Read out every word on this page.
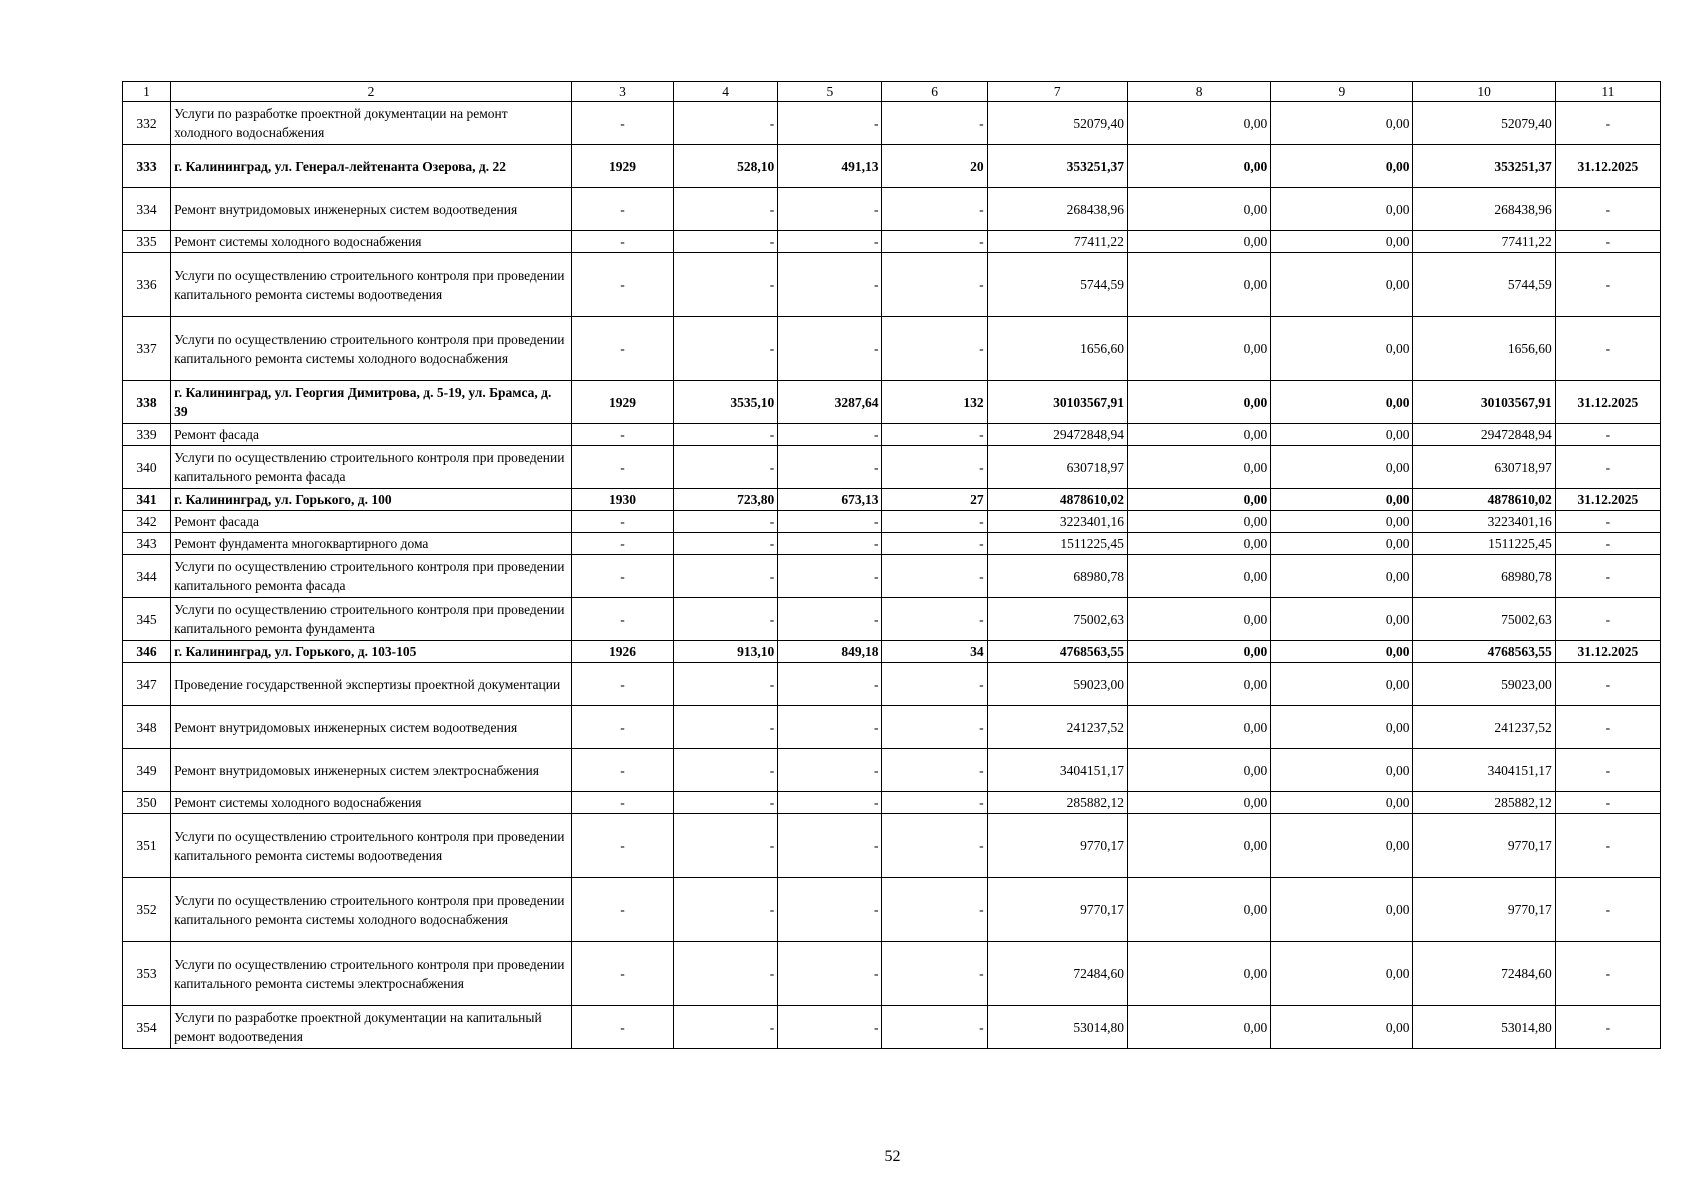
1	2	3	4	5	6	7	8	9	10	11
332	Услуги по разработке проектной документации на ремонт холодного водоснабжения	-	-	-	-	52079,40	0,00	0,00	52079,40	-
333	г. Калининград, ул. Генерал-лейтенанта Озерова, д. 22	1929	528,10	491,13	20	353251,37	0,00	0,00	353251,37	31.12.2025
334	Ремонт внутридомовых инженерных систем водоотведения	-	-	-	-	268438,96	0,00	0,00	268438,96	-
335	Ремонт системы холодного водоснабжения	-	-	-	-	77411,22	0,00	0,00	77411,22	-
336	Услуги по осуществлению строительного контроля при проведении капитального ремонта системы водоотведения	-	-	-	-	5744,59	0,00	0,00	5744,59	-
337	Услуги по осуществлению строительного контроля при проведении капитального ремонта системы холодного водоснабжения	-	-	-	-	1656,60	0,00	0,00	1656,60	-
338	г. Калининград, ул. Георгия Димитрова, д. 5-19, ул. Брамса, д. 39	1929	3535,10	3287,64	132	30103567,91	0,00	0,00	30103567,91	31.12.2025
339	Ремонт фасада	-	-	-	-	29472848,94	0,00	0,00	29472848,94	-
340	Услуги по осуществлению строительного контроля при проведении капитального ремонта фасада	-	-	-	-	630718,97	0,00	0,00	630718,97	-
341	г. Калининград, ул. Горького, д. 100	1930	723,80	673,13	27	4878610,02	0,00	0,00	4878610,02	31.12.2025
342	Ремонт фасада	-	-	-	-	3223401,16	0,00	0,00	3223401,16	-
343	Ремонт фундамента многоквартирного дома	-	-	-	-	1511225,45	0,00	0,00	1511225,45	-
344	Услуги по осуществлению строительного контроля при проведении капитального ремонта фасада	-	-	-	-	68980,78	0,00	0,00	68980,78	-
345	Услуги по осуществлению строительного контроля при проведении капитального ремонта фундамента	-	-	-	-	75002,63	0,00	0,00	75002,63	-
346	г. Калининград, ул. Горького, д. 103-105	1926	913,10	849,18	34	4768563,55	0,00	0,00	4768563,55	31.12.2025
347	Проведение государственной экспертизы проектной документации	-	-	-	-	59023,00	0,00	0,00	59023,00	-
348	Ремонт внутридомовых инженерных систем водоотведения	-	-	-	-	241237,52	0,00	0,00	241237,52	-
349	Ремонт внутридомовых инженерных систем электроснабжения	-	-	-	-	3404151,17	0,00	0,00	3404151,17	-
350	Ремонт системы холодного водоснабжения	-	-	-	-	285882,12	0,00	0,00	285882,12	-
351	Услуги по осуществлению строительного контроля при проведении капитального ремонта системы водоотведения	-	-	-	-	9770,17	0,00	0,00	9770,17	-
352	Услуги по осуществлению строительного контроля при проведении капитального ремонта системы холодного водоснабжения	-	-	-	-	9770,17	0,00	0,00	9770,17	-
353	Услуги по осуществлению строительного контроля при проведении капитального ремонта системы электроснабжения	-	-	-	-	72484,60	0,00	0,00	72484,60	-
354	Услуги по разработке проектной документации на капитальный ремонт водоотведения	-	-	-	-	53014,80	0,00	0,00	53014,80	-
52
